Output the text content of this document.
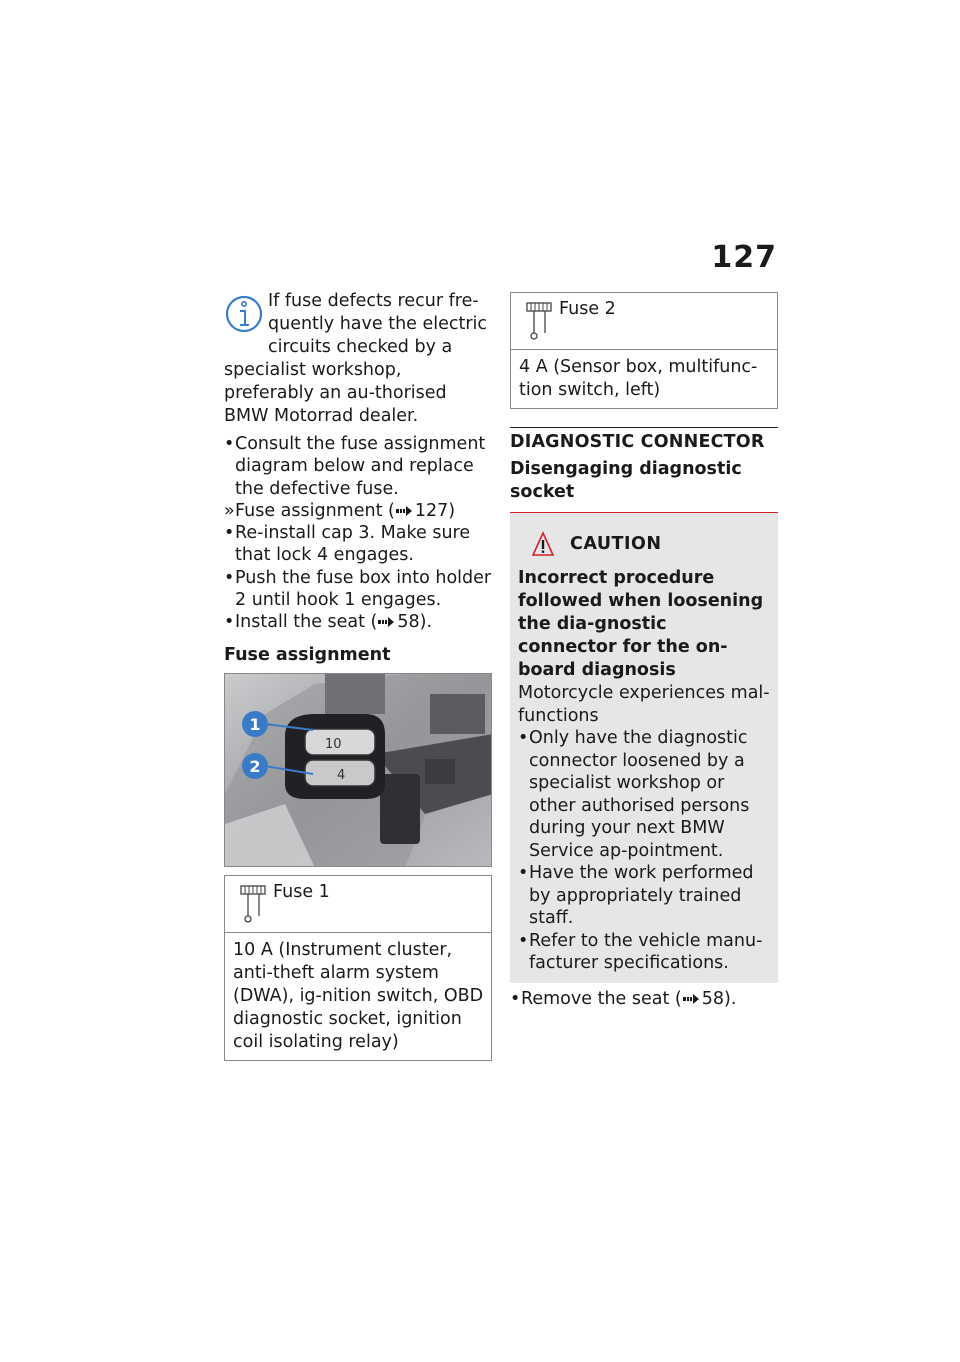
127
If fuse defects recur fre-quently have the electric circuits checked by a specialist workshop, preferably an au-thorised BMW Motorrad dealer.
• Consult the fuse assignment diagram below and replace the defective fuse.
» Fuse assignment ( 127)
• Re-install cap 3. Make sure that lock 4 engages.
• Push the fuse box into holder 2 until hook 1 engages.
• Install the seat ( 58).
Fuse assignment
10
4
1
2
Fuse 1
10 A (Instrument cluster, anti-theft alarm system (DWA), ig-nition switch, OBD diagnostic socket, ignition coil isolating relay)
Fuse 2
4 A (Sensor box, multifunc-tion switch, left)
DIAGNOSTIC CONNECTOR
Disengaging diagnostic socket
CAUTION
Incorrect procedure followed when loosening the dia-gnostic connector for the on-board diagnosis
Motorcycle experiences mal-functions
• Only have the diagnostic connector loosened by a specialist workshop or other authorised persons during your next BMW Service ap-pointment.
• Have the work performed by appropriately trained staff.
• Refer to the vehicle manu-facturer specifications.
• Remove the seat ( 58).
